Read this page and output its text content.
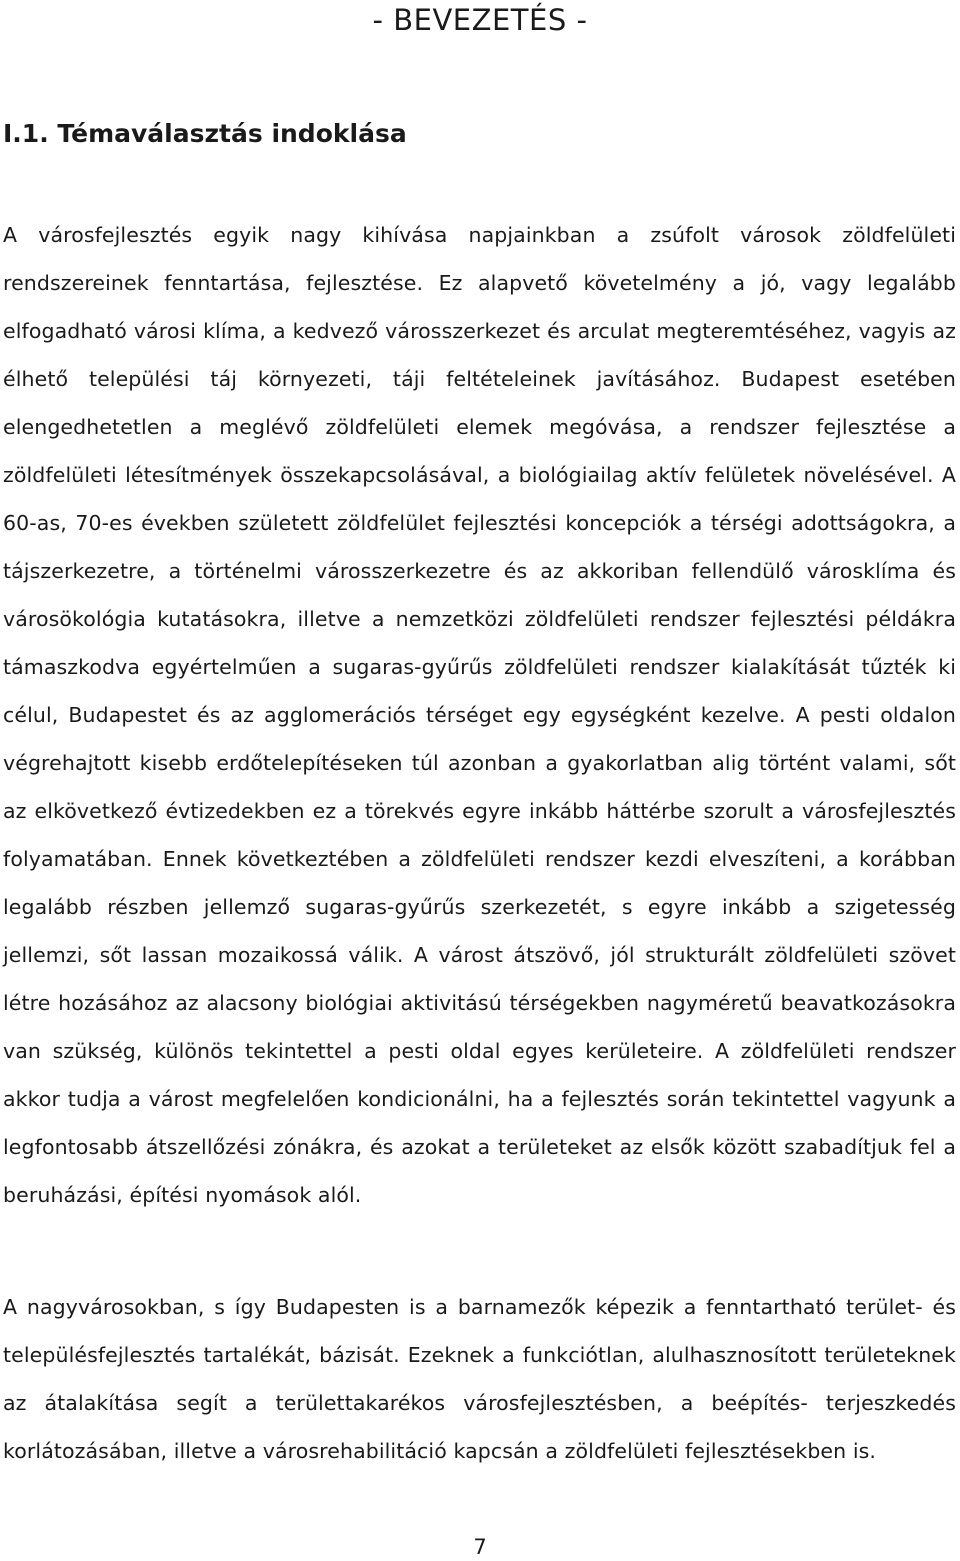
- BEVEZETÉS -
I.1. Témaválasztás indoklása

A városfejlesztés egyik nagy kihívása napjainkban a zsúfolt városok zöldfelületi rendszereinek fenntartása, fejlesztése. Ez alapvető követelmény a jó, vagy legalább elfogadható városi klíma, a kedvező városszerkezet és arculat megteremtéséhez, vagyis az élhető települési táj környezeti, táji feltételeinek javításához. Budapest esetében elengedhetetlen a meglévő zöldfelületi elemek megóvása, a rendszer fejlesztése a zöldfelületi létesítmények összekapcsolásával, a biológiailag aktív felületek növelésével. A 60-as, 70-es években született zöldfelület fejlesztési koncepciók a térségi adottságokra, a tájszerkezetre, a történelmi városszerkezetre és az akkoriban fellendülő városklíma és városökológia kutatásokra, illetve a nemzetközi zöldfelületi rendszer fejlesztési példákra támaszkodva egyértelműen a sugaras-gyűrűs zöldfelületi rendszer kialakítását tűzték ki célul, Budapestet és az agglomerációs térséget egy egységként kezelve. A pesti oldalon végrehajtott kisebb erdőtelepítéseken túl azonban a gyakorlatban alig történt valami, sőt az elkövetkező évtizedekben ez a törekvés egyre inkább háttérbe szorult a városfejlesztés folyamatában. Ennek következtében a zöldfelületi rendszer kezdi elveszíteni, a korábban legalább részben jellemző sugaras-gyűrűs szerkezetét, s egyre inkább a szigetesség jellemzi, sőt lassan mozaikossá válik. A várost átszövő, jól strukturált zöldfelületi szövet létre hozásához az alacsony biológiai aktivitású térségekben nagyméretű beavatkozásokra van szükség, különös tekintettel a pesti oldal egyes kerületeire. A zöldfelületi rendszer akkor tudja a várost megfelelően kondicionálni, ha a fejlesztés során tekintettel vagyunk a legfontosabb átszellőzési zónákra, és azokat a területeket az elsők között szabadítjuk fel a beruházási, építési nyomások alól.

A nagyvárosokban, s így Budapesten is a barnamezők képezik a fenntartható terület- és településfejlesztés tartalékát, bázisát. Ezeknek a funkciótlan, alulhasznosított területeknek az átalakítása segít a területtakarékos városfejlesztésben, a beépítés- terjeszkedés korlátozásában, illetve a városrehabilitáció kapcsán a zöldfelületi fejlesztésekben is.

7
